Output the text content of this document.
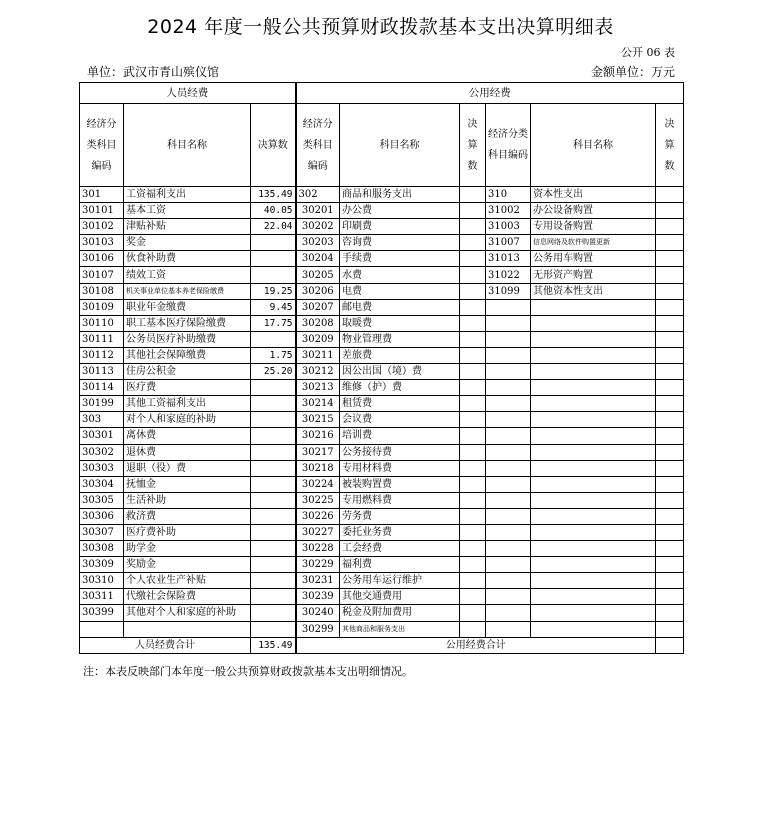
2024 年度一般公共预算财政拨款基本支出决算明细表
公开 06 表
单位：武汉市青山殡仪馆	金额单位：万元
人员经费			公用经费					
经济分类科目编码	科目名称	决算数	经济分类科目编码	科目名称	决算数	经济分类科目编码	科目名称	决算数
301	工资福利支出	135.49	302	商品和服务支出		310	资本性支出	
30101	基本工资	40.05	30201	办公费		31002	办公设备购置	
30102	津贴补贴	22.04	30202	印刷费		31003	专用设备购置	
30103	奖金		30203	咨询费		31007	信息网络及软件购置更新	
30106	伙食补助费		30204	手续费		31013	公务用车购置	
30107	绩效工资		30205	水费		31022	无形资产购置	
30108	机关事业单位基本养老保险缴费	19.25	30206	电费		31099	其他资本性支出	
30109	职业年金缴费	9.45	30207	邮电费				
30110	职工基本医疗保险缴费	17.75	30208	取暖费				
30111	公务员医疗补助缴费		30209	物业管理费				
30112	其他社会保障缴费	1.75	30211	差旅费				
30113	住房公积金	25.20	30212	因公出国（境）费				
30114	医疗费		30213	维修（护）费				
30199	其他工资福利支出		30214	租赁费				
303	对个人和家庭的补助		30215	会议费				
30301	离休费		30216	培训费				
30302	退休费		30217	公务接待费				
30303	退职（役）费		30218	专用材料费				
30304	抚恤金		30224	被装购置费				
30305	生活补助		30225	专用燃料费				
30306	救济费		30226	劳务费				
30307	医疗费补助		30227	委托业务费				
30308	助学金		30228	工会经费				
30309	奖励金		30229	福利费				
30310	个人农业生产补贴		30231	公务用车运行维护				
30311	代缴社会保险费		30239	其他交通费用				
30399	其他对个人和家庭的补助		30240	税金及附加费用				
			30299	其他商品和服务支出				
人员经费合计		135.49	公用经费合计					
注：本表反映部门本年度一般公共预算财政拨款基本支出明细情况。
